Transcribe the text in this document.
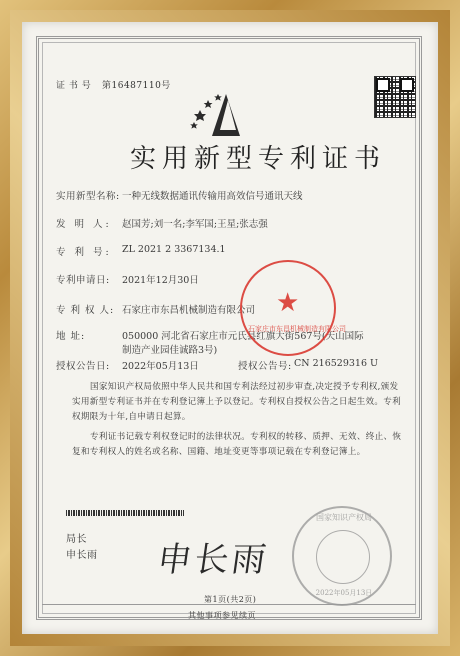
证 书 号 第16487110号
实用新型专利证书
实用新型名称: 一种无线数据通讯传输用高效信号通讯天线
发 明 人: 赵国芳;刘一名;李军国;王星;张志强
专 利 号: ZL 2021 2 3367134.1
专利申请日: 2021年12月30日
专 利 权 人: 石家庄市东昌机械制造有限公司
地 址:	050000 河北省石家庄市元氏县红旗大街567号(天山国际
制造产业园佳诚路3号)
授权公告日: 2022年05月13日	授权公告号: CN 216529316 U
国家知识产权局依照中华人民共和国专利法经过初步审查,决定授予专利权,颁发实用新型专利证书并在专利登记簿上予以登记。专利权自授权公告之日起生效。专利权期限为十年,自申请日起算。
专利证书记载专利权登记时的法律状况。专利权的转移、质押、无效、终止、恢复和专利权人的姓名或名称、国籍、地址变更等事项记载在专利登记簿上。
★
石家庄市东昌机械制造有限公司
局长
申长雨 申长雨
国家知识产权局
2022年05月13日
第1页(共2页)
其他事项参见续页
